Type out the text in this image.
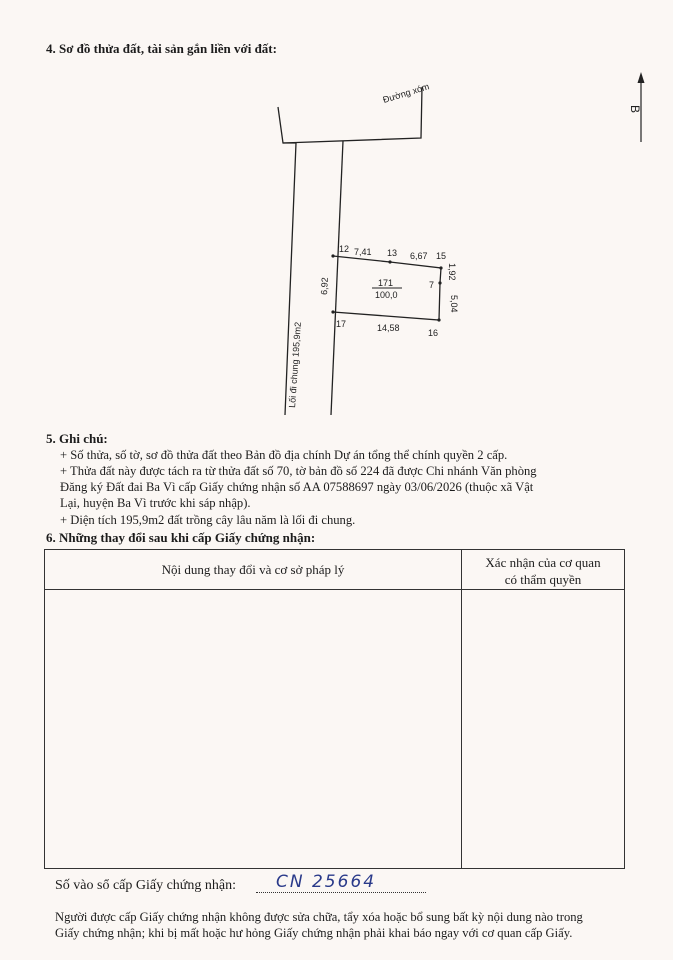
4. Sơ đồ thửa đất, tài sản gắn liền với đất:
Đường xóm
B
Lối đi chung 195,9m2
6,92
12 7,41 13 6,67 15
1,92
7
5,04
171
100,0
17	14,58	16
5. Ghi chú:
+ Số thửa, số tờ, sơ đồ thửa đất theo Bản đồ địa chính Dự án tổng thể chính quyền 2 cấp.
+ Thửa đất này được tách ra từ thửa đất số 70, tờ bản đồ số 224 đã được Chi nhánh Văn phòng
Đăng ký Đất đai Ba Vì cấp Giấy chứng nhận số AA 07588697 ngày 03/06/2026 (thuộc xã Vật
Lại, huyện Ba Vì trước khi sáp nhập).
+ Diện tích 195,9m2 đất trồng cây lâu năm là lối đi chung.
6. Những thay đổi sau khi cấp Giấy chứng nhận:
Nội dung thay đổi và cơ sở pháp lý	Xác nhận của cơ quan
có thẩm quyền

Số vào sổ cấp Giấy chứng nhận: CN 25664
Người được cấp Giấy chứng nhận không được sửa chữa, tẩy xóa hoặc bổ sung bất kỳ nội dung nào trong
Giấy chứng nhận; khi bị mất hoặc hư hỏng Giấy chứng nhận phải khai báo ngay với cơ quan cấp Giấy.
